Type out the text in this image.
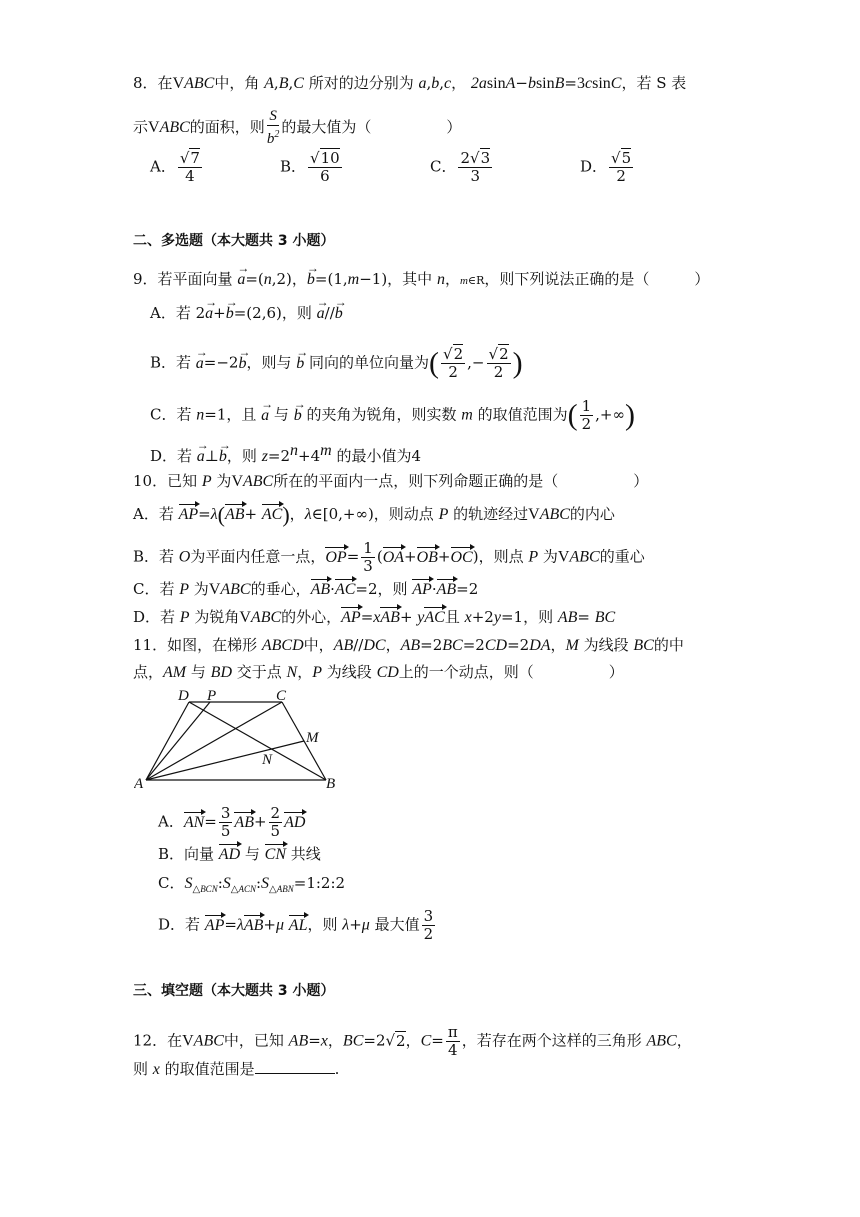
8．在VABC中，角 A,B,C 所对的边分别为 a,b,c， 2asinA−bsinB=3csinC，若 S 表
示VABC的面积，则 $\frac{S}{b^2}$ 的最大值为（　　　　　）
A． $\frac{√7}{4}$	B． $\frac{√10}{6}$	C． $\frac{2√3}{3}$	D． $\frac{√5}{2}$
二、多选题（本大题共 3 小题）
9．若平面向量 → a=(n,2)，→ b=(1,m−1)，其中 n，m∈R，则下列说法正确的是（　　　）
A．若 2→ a+→ b=(2,6)，则 → a//→ b
B．若 → a=−2→ b，则与 → b 同向的单位向量为( $\frac{√2}{2}$ ,− $\frac{√2}{2}$ )
C．若 n=1，且 → a 与 → b 的夹角为锐角，则实数 m 的取值范围为( $\frac{1}{2}$ ,+∞)
D．若 → a⊥→ b，则 $z=2^n+4^m$ 的最小值为4
10．已知 P 为VABC所在的平面内一点，则下列命题正确的是（　　　　　）
A．若 AP=λ(AB+ AC)，λ∈[0,+∞)，则动点 P 的轨迹经过VABC的内心
B．若 O为平面内任意一点，$OP= \frac{1}{3} (OA+OB+OC)$，则点 P 为VABC的重心
C．若 P 为VABC的垂心，AB·AC=2，则 AP·AB=2
D．若 P 为锐角VABC的外心，AP=xAB+ yAC且 x+2y=1，则 AB= BC
11．如图，在梯形 ABCD中，AB//DC，AB=2BC=2CD=2DA，M 为线段 BC的中
点，AM 与 BD 交于点 N，P 为线段 CD上的一个动点，则（　　　　　）
D P	C
M
N
A	B
A．$AN= \frac{3}{5} AB+ \frac{2}{5}$ AD
B．向量 AD 与 CN 共线
C．$S_{\triangle BCN}:S_{\triangle ACN}:S_{\triangle ABN}=1:2:2$
D．若 AP=λAB+μ AL，则 λ+μ 最大值 $\frac{3}{2}$
三、填空题（本大题共 3 小题）
12．在VABC中，已知 AB=x，BC=2√2，$C= \frac{\pi}{4}$ ，若存在两个这样的三角形 ABC，
则 x 的取值范围是	.
